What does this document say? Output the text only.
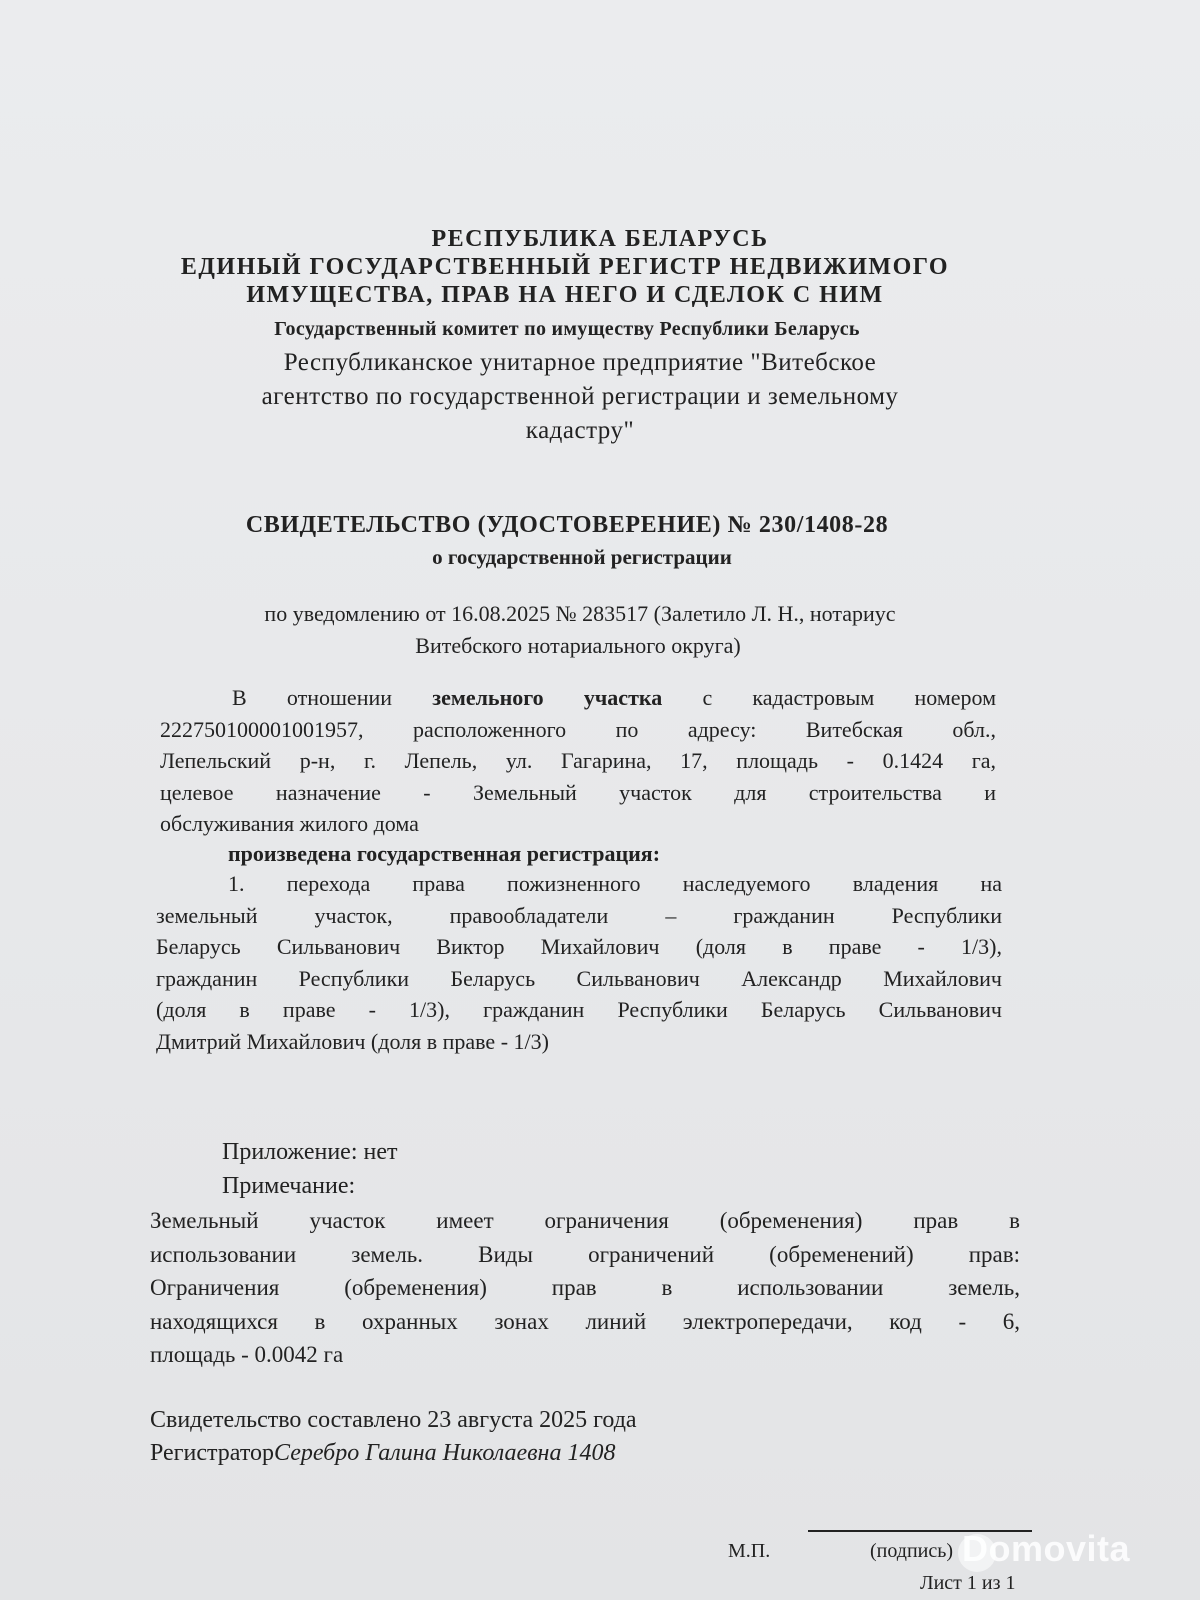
РЕСПУБЛИКА БЕЛАРУСЬ
ЕДИНЫЙ ГОСУДАРСТВЕННЫЙ РЕГИСТР НЕДВИЖИМОГО
ИМУЩЕСТВА, ПРАВ НА НЕГО И СДЕЛОК С НИМ
Государственный комитет по имуществу Республики Беларусь
Республиканское унитарное предприятие "Витебское
агентство по государственной регистрации и земельному
кадастру"
СВИДЕТЕЛЬСТВО (УДОСТОВЕРЕНИЕ) № 230/1408-28
о государственной регистрации
по уведомлению от 16.08.2025 № 283517 (Залетило Л. Н., нотариус
Витебского нотариального округа)
В отношении земельного участка с кадастровым номером
222750100001001957, расположенного по адресу: Витебская обл.,
Лепельский р-н, г. Лепель, ул. Гагарина, 17, площадь - 0.1424 га,
целевое назначение - Земельный участок для строительства и
обслуживания жилого дома
произведена государственная регистрация:
1. перехода права пожизненного наследуемого владения на
земельный участок, правообладатели – гражданин Республики
Беларусь Сильванович Виктор Михайлович (доля в праве - 1/3),
гражданин Республики Беларусь Сильванович Александр Михайлович
(доля в праве - 1/3), гражданин Республики Беларусь Сильванович
Дмитрий Михайлович (доля в праве - 1/3)
Приложение: нет
Примечание:
Земельный участок имеет ограничения (обременения) прав в
использовании земель. Виды ограничений (обременений) прав:
Ограничения (обременения) прав в использовании земель,
находящихся в охранных зонах линий электропередачи, код - 6,
площадь - 0.0042 га
Свидетельство составлено 23 августа 2025 года
РегистраторСеребро Галина Николаевна 1408
М.П.	(подпись)
Лист 1 из 1
Domovita
